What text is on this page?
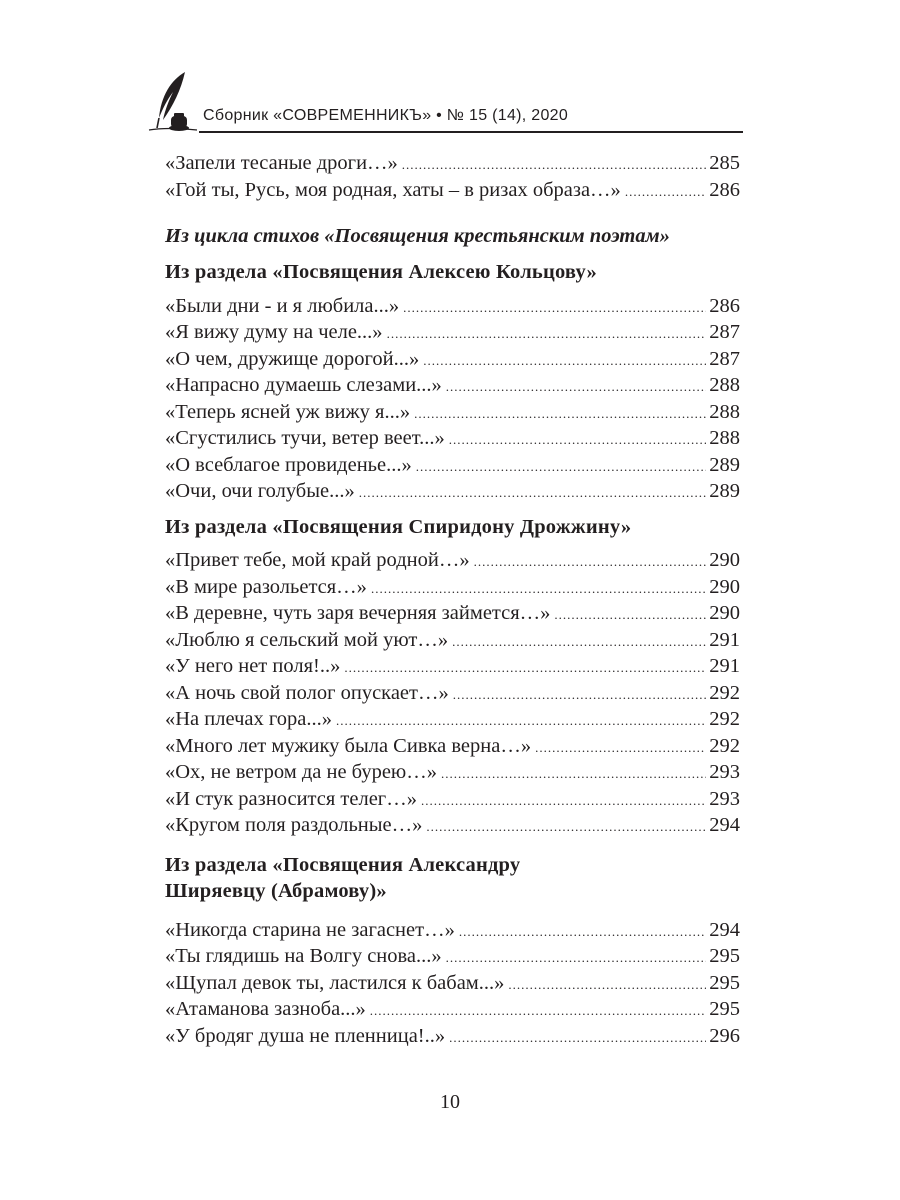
Сборник «СОВРЕМЕННИКЪ» • № 15 (14), 2020
«Запели тесаные дроги…» .....	285
«Гой ты, Русь, моя родная, хаты – в ризах образа…» .....	286
Из цикла стихов «Посвящения крестьянским поэтам»
Из раздела «Посвящения Алексею Кольцову»
«Были дни - и я любила...» .....	286
«Я вижу думу на челе...» .....	287
«О чем, дружище дорогой...» .....	287
«Напрасно думаешь слезами...» .....	288
«Теперь ясней уж вижу я...» .....	288
«Сгустились тучи, ветер веет...» .....	288
«О всеблагое провиденье...» .....	289
«Очи, очи голубые...» .....	289
Из раздела «Посвящения Спиридону Дрожжину»
«Привет тебе, мой край родной…» .....	290
«В мире разольется…» .....	290
«В деревне, чуть заря вечерняя займется…» .....	290
«Люблю я сельский мой уют…» .....	291
«У него нет поля!..» .....	291
«А ночь свой полог опускает…» .....	292
«На плечах гора...» .....	292
«Много лет мужику была Сивка верна…» .....	292
«Ох, не ветром да не бурею…» .....	293
«И стук разносится телег…» .....	293
«Кругом поля раздольные…» .....	294
Из раздела «Посвящения Александру
Ширяевцу (Абрамову)»
«Никогда старина не загаснет…» .....	294
«Ты глядишь на Волгу снова...» .....	295
«Щупал девок ты, ластился к бабам...» .....	295
«Атаманова зазноба...» .....	295
«У бродяг душа не пленница!..» .....	296
10
